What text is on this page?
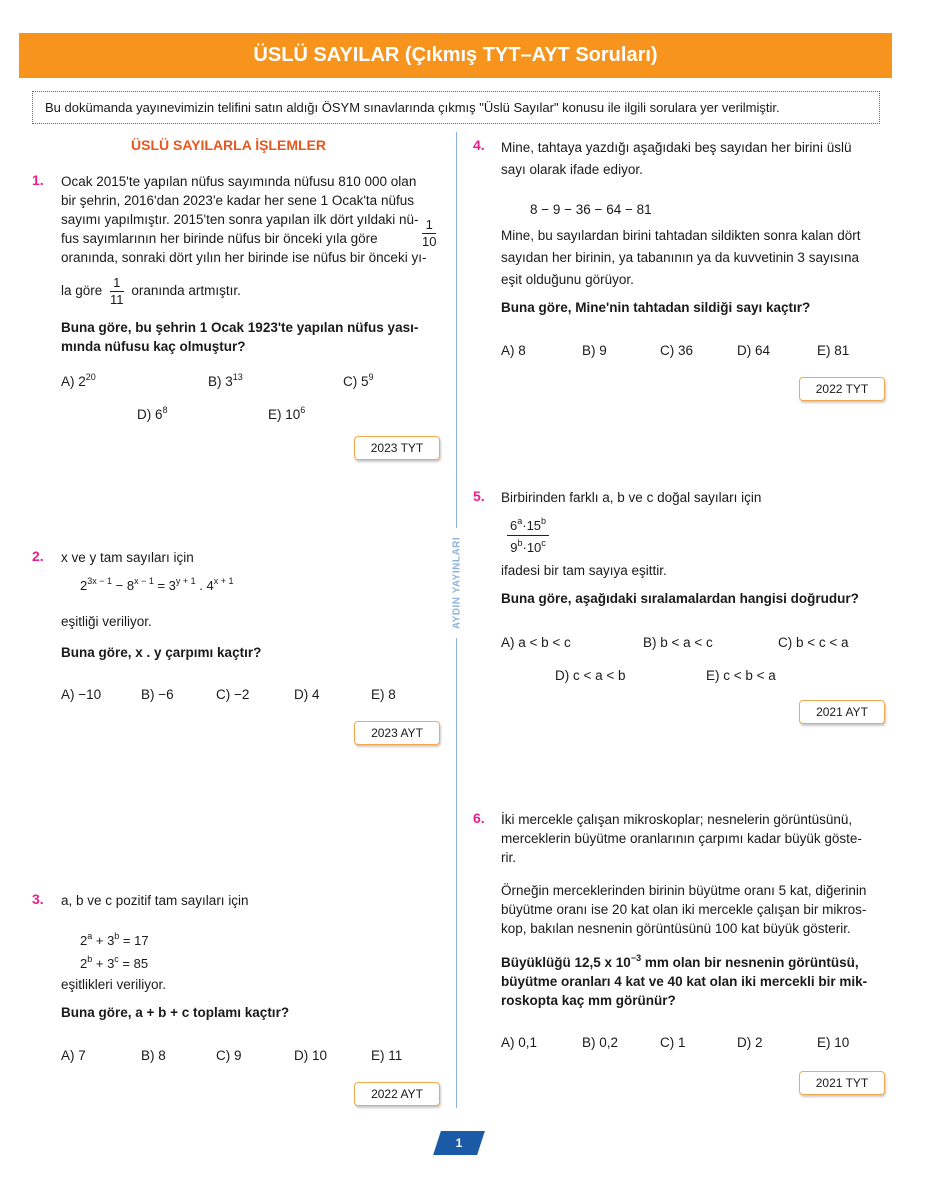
ÜSLÜ SAYILAR (Çıkmış TYT–AYT Soruları)
Bu dokümanda yayınevimizin telifini satın aldığı ÖSYM sınavlarında çıkmış "Üslü Sayılar" konusu ile ilgili sorulara yer verilmiştir.
AYDIN YAYINLARI
ÜSLÜ SAYILARLA İŞLEMLER
1. Ocak 2015'te yapılan nüfus sayımında nüfusu 810 000 olan
bir şehrin, 2016'dan 2023'e kadar her sene 1 Ocak'ta nüfus
sayımı yapılmıştır. 2015'ten sonra yapılan ilk dört yıldaki nü-
fus sayımlarının her birinde nüfus bir önceki yıla göre	$\frac{1}{10}$
oranında, sonraki dört yılın her birinde ise nüfus bir önceki yı-
la göre $\frac{1}{11}$ oranında artmıştır.
Buna göre, bu şehrin 1 Ocak 1923'te yapılan nüfus yası-
mında nüfusu kaç olmuştur?
A) $2^{20}$	B) $3^{13}$	C) $5^9$
D) $6^8$	E) $10^6$
2023 TYT
2. x ve y tam sayıları için
$2^{3x - 1} - 8^{x - 1} = 3^{y + 1}$ . $4^{x + 1}$
eşitliği veriliyor.
Buna göre, x . y çarpımı kaçtır?
A) −10	B) −6	C) −2	D) 4	E) 8
2023 AYT
3. a, b ve c pozitif tam sayıları için
$2^a + 3^b = 17$
$2^b + 3^c = 85$
eşitlikleri veriliyor.
Buna göre, a + b + c toplamı kaçtır?
A) 7	B) 8	C) 9	D) 10	E) 11
2022 AYT
4. Mine, tahtaya yazdığı aşağıdaki beş sayıdan her birini üslü
sayı olarak ifade ediyor.
8 − 9 − 36 − 64 − 81
Mine, bu sayılardan birini tahtadan sildikten sonra kalan dört
sayıdan her birinin, ya tabanının ya da kuvvetinin 3 sayısına
eşit olduğunu görüyor.
Buna göre, Mine'nin tahtadan sildiği sayı kaçtır?
A) 8	B) 9	C) 36	D) 64	E) 81
2022 TYT
5. Birbirinden farklı a, b ve c doğal sayıları için
$\frac{6^a\cdot 15^b}{9^b\cdot 10^c}$
ifadesi bir tam sayıya eşittir.
Buna göre, aşağıdaki sıralamalardan hangisi doğrudur?
A) a < b < c	B) b < a < c	C) b < c < a
D) c < a < b	E) c < b < a
2021 AYT
6. İki mercekle çalışan mikroskoplar; nesnelerin görüntüsünü,
merceklerin büyütme oranlarının çarpımı kadar büyük göste-
rir.
Örneğin merceklerinden birinin büyütme oranı 5 kat, diğerinin
büyütme oranı ise 20 kat olan iki mercekle çalışan bir mikros-
kop, bakılan nesnenin görüntüsünü 100 kat büyük gösterir.
Büyüklüğü 12,5 x $10^{-3}$ mm olan bir nesnenin görüntüsü,
büyütme oranları 4 kat ve 40 kat olan iki mercekli bir mik-
roskopta kaç mm görünür?
A) 0,1	B) 0,2	C) 1	D) 2	E) 10
2021 TYT
1
